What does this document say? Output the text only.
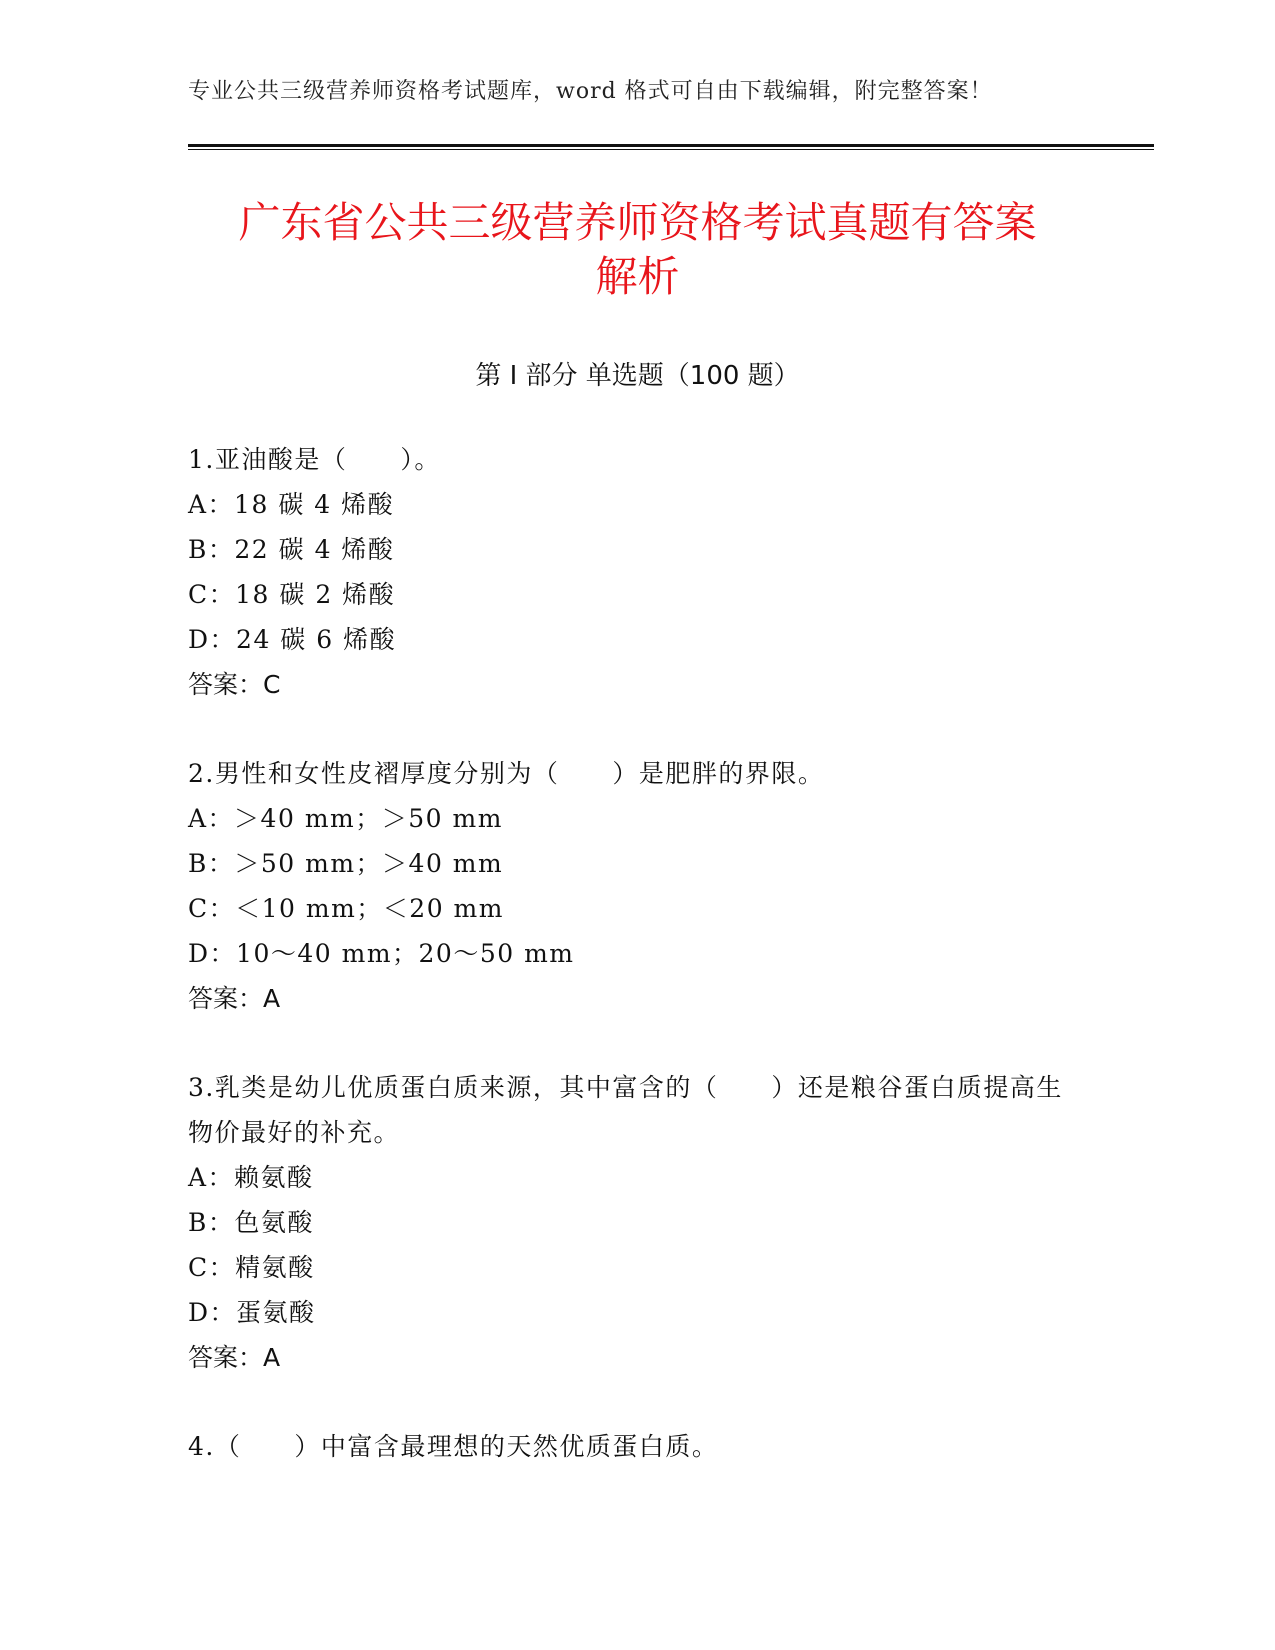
专业公共三级营养师资格考试题库，word 格式可自由下载编辑，附完整答案！
广东省公共三级营养师资格考试真题有答案
解析
第 I 部分 单选题（100 题）
1.亚油酸是（　　）。
A：18 碳 4 烯酸
B：22 碳 4 烯酸
C：18 碳 2 烯酸
D：24 碳 6 烯酸
答案：C
2.男性和女性皮褶厚度分别为（　　）是肥胖的界限。
A：＞40 mm；＞50 mm
B：＞50 mm；＞40 mm
C：＜10 mm；＜20 mm
D：10～40 mm；20～50 mm
答案：A
3.乳类是幼儿优质蛋白质来源，其中富含的（　　）还是粮谷蛋白质提高生物价最好的补充。
A：赖氨酸
B：色氨酸
C：精氨酸
D：蛋氨酸
答案：A
4.（　　）中富含最理想的天然优质蛋白质。
